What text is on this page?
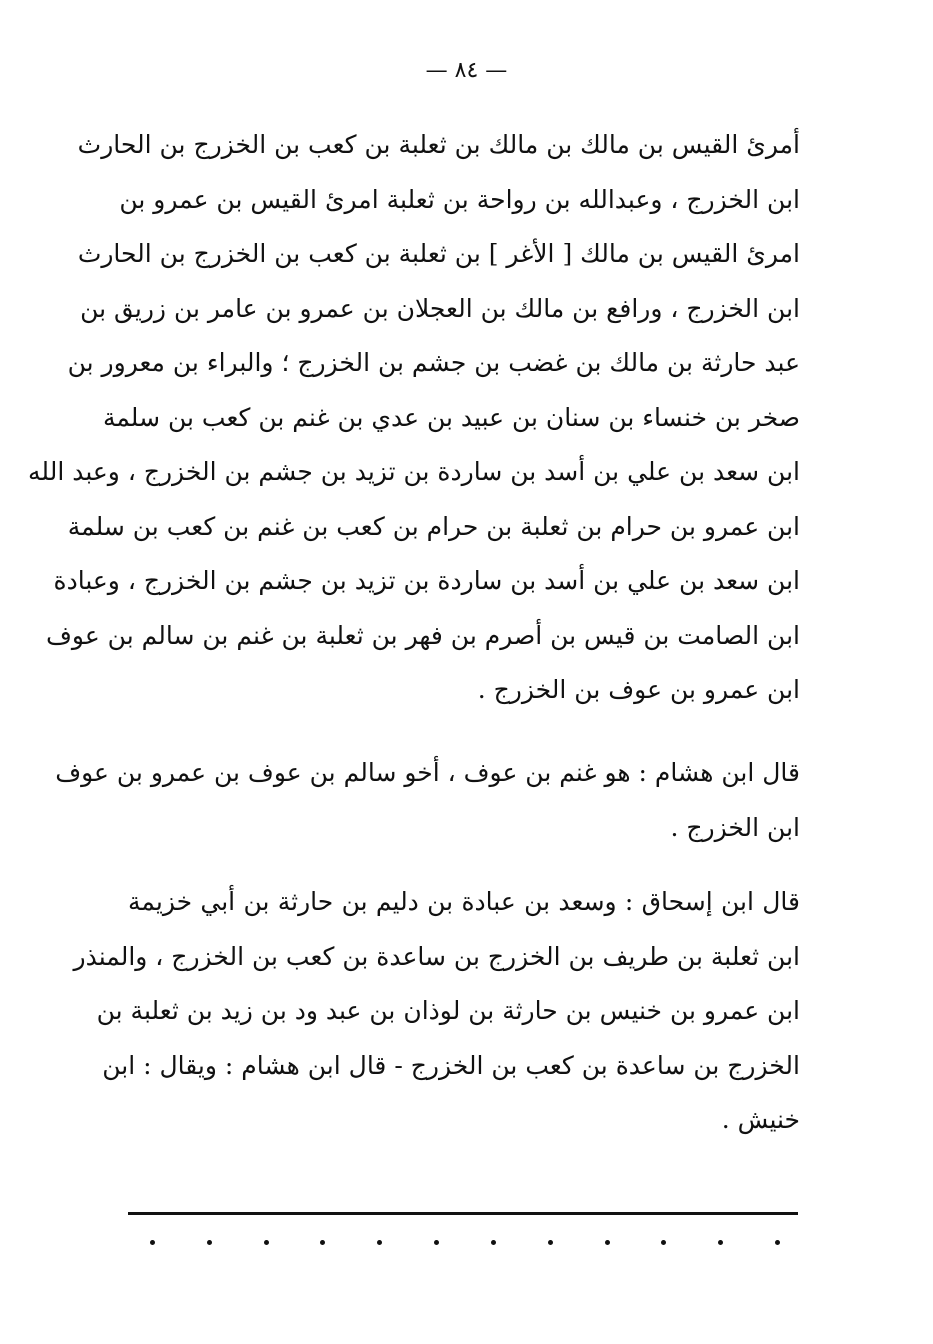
— ٨٤ —
أمرئ القيس بن مالك بن مالك بن ثعلبة بن كعب بن الخزرج بن الحارث
ابن الخزرج ، وعبدالله بن رواحة بن ثعلبة امرئ القيس بن عمرو بن
امرئ القيس بن مالك [ الأغر ] بن ثعلبة بن كعب بن الخزرج بن الحارث
ابن الخزرج ، ورافع بن مالك بن العجلان بن عمرو بن عامر بن زريق بن
عبد حارثة بن مالك بن غضب بن جشم بن الخزرج ؛ والبراء بن معرور بن
صخر بن خنساء بن سنان بن عبيد بن عدي بن غنم بن كعب بن سلمة
ابن سعد بن علي بن أسد بن ساردة بن تزيد بن جشم بن الخزرج ، وعبد الله
ابن عمرو بن حرام بن ثعلبة بن حرام بن كعب بن غنم بن كعب بن سلمة
ابن سعد بن علي بن أسد بن ساردة بن تزيد بن جشم بن الخزرج ، وعبادة
ابن الصامت بن قيس بن أصرم بن فهر بن ثعلبة بن غنم بن سالم بن عوف
ابن عمرو بن عوف بن الخزرج .
قال ابن هشام : هو غنم بن عوف ، أخو سالم بن عوف بن عمرو بن عوف
ابن الخزرج .
قال ابن إسحاق : وسعد بن عبادة بن دليم بن حارثة بن أبي خزيمة
ابن ثعلبة بن طريف بن الخزرج بن ساعدة بن كعب بن الخزرج ، والمنذر
ابن عمرو بن خنيس بن حارثة بن لوذان بن عبد ود بن زيد بن ثعلبة بن
الخزرج بن ساعدة بن كعب بن الخزرج - قال ابن هشام : ويقال : ابن
خنيش .
